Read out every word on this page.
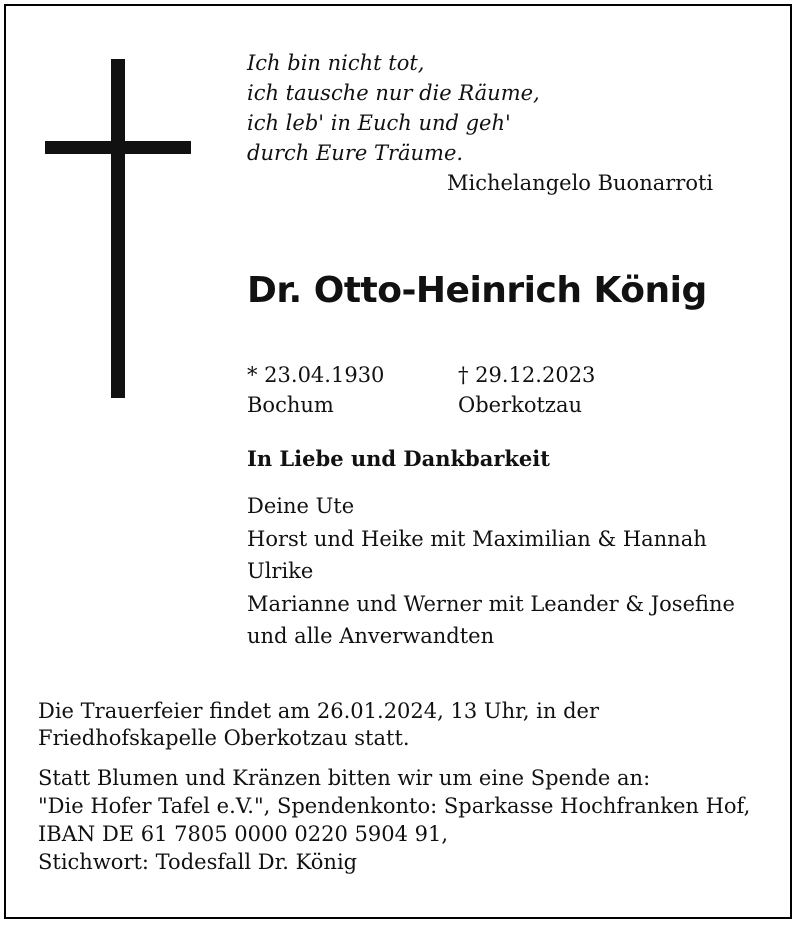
Ich bin nicht tot,
ich tausche nur die Räume,
ich leb' in Euch und geh'
durch Eure Träume.
Michelangelo Buonarroti
Dr. Otto-Heinrich König
* 23.04.1930
Bochum
† 29.12.2023
Oberkotzau
In Liebe und Dankbarkeit
Deine Ute
Horst und Heike mit Maximilian & Hannah
Ulrike
Marianne und Werner mit Leander & Josefine
und alle Anverwandten
Die Trauerfeier findet am 26.01.2024, 13 Uhr, in der
Friedhofskapelle Oberkotzau statt.
Statt Blumen und Kränzen bitten wir um eine Spende an:
"Die Hofer Tafel e.V.", Spendenkonto: Sparkasse Hochfranken Hof,
IBAN DE 61 7805 0000 0220 5904 91,
Stichwort: Todesfall Dr. König
